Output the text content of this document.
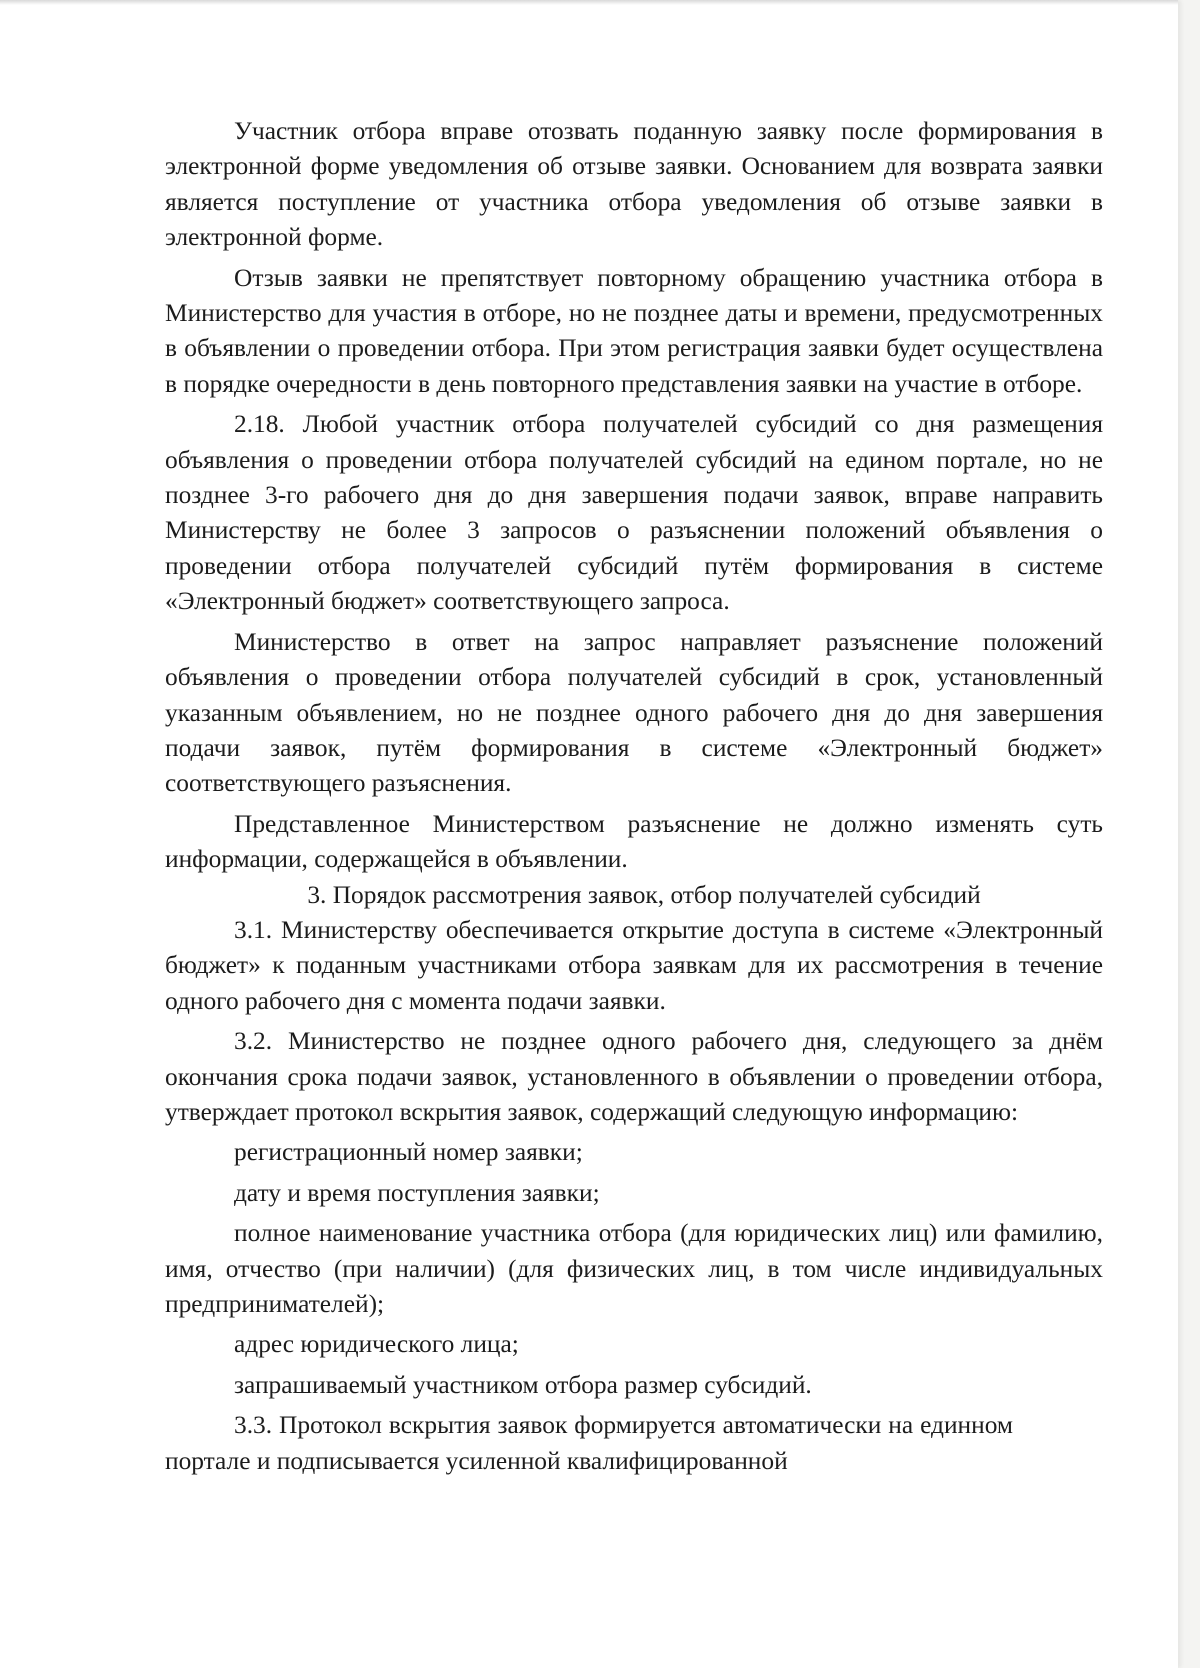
Участник отбора вправе отозвать поданную заявку после формирования в электронной форме уведомления об отзыве заявки. Основанием для возврата заявки является поступление от участника отбора уведомления об отзыве заявки в электронной форме.

Отзыв заявки не препятствует повторному обращению участника отбора в Министерство для участия в отборе, но не позднее даты и времени, предусмотренных в объявлении о проведении отбора. При этом регистрация заявки будет осуществлена в порядке очередности в день повторного представления заявки на участие в отборе.

2.18. Любой участник отбора получателей субсидий со дня размещения объявления о проведении отбора получателей субсидий на едином портале, но не позднее 3-го рабочего дня до дня завершения подачи заявок, вправе направить Министерству не более 3 запросов о разъяснении положений объявления о проведении отбора получателей субсидий путём формирования в системе «Электронный бюджет» соответствующего запроса.

Министерство в ответ на запрос направляет разъяснение положений объявления о проведении отбора получателей субсидий в срок, установленный указанным объявлением, но не позднее одного рабочего дня до дня завершения подачи заявок, путём формирования в системе «Электронный бюджет» соответствующего разъяснения.

Представленное Министерством разъяснение не должно изменять суть информации, содержащейся в объявлении.

3. Порядок рассмотрения заявок, отбор получателей субсидий

3.1. Министерству обеспечивается открытие доступа в системе «Электронный бюджет» к поданным участниками отбора заявкам для их рассмотрения в течение одного рабочего дня с момента подачи заявки.

3.2. Министерство не позднее одного рабочего дня, следующего за днём окончания срока подачи заявок, установленного в объявлении о проведении отбора, утверждает протокол вскрытия заявок, содержащий следующую информацию:

регистрационный номер заявки;

дату и время поступления заявки;

полное наименование участника отбора (для юридических лиц) или фамилию, имя, отчество (при наличии) (для физических лиц, в том числе индивидуальных предпринимателей);

адрес юридического лица;

запрашиваемый участником отбора размер субсидий.

3.3. Протокол вскрытия заявок формируется автоматически на единном портале и подписывается усиленной квалифицированной
